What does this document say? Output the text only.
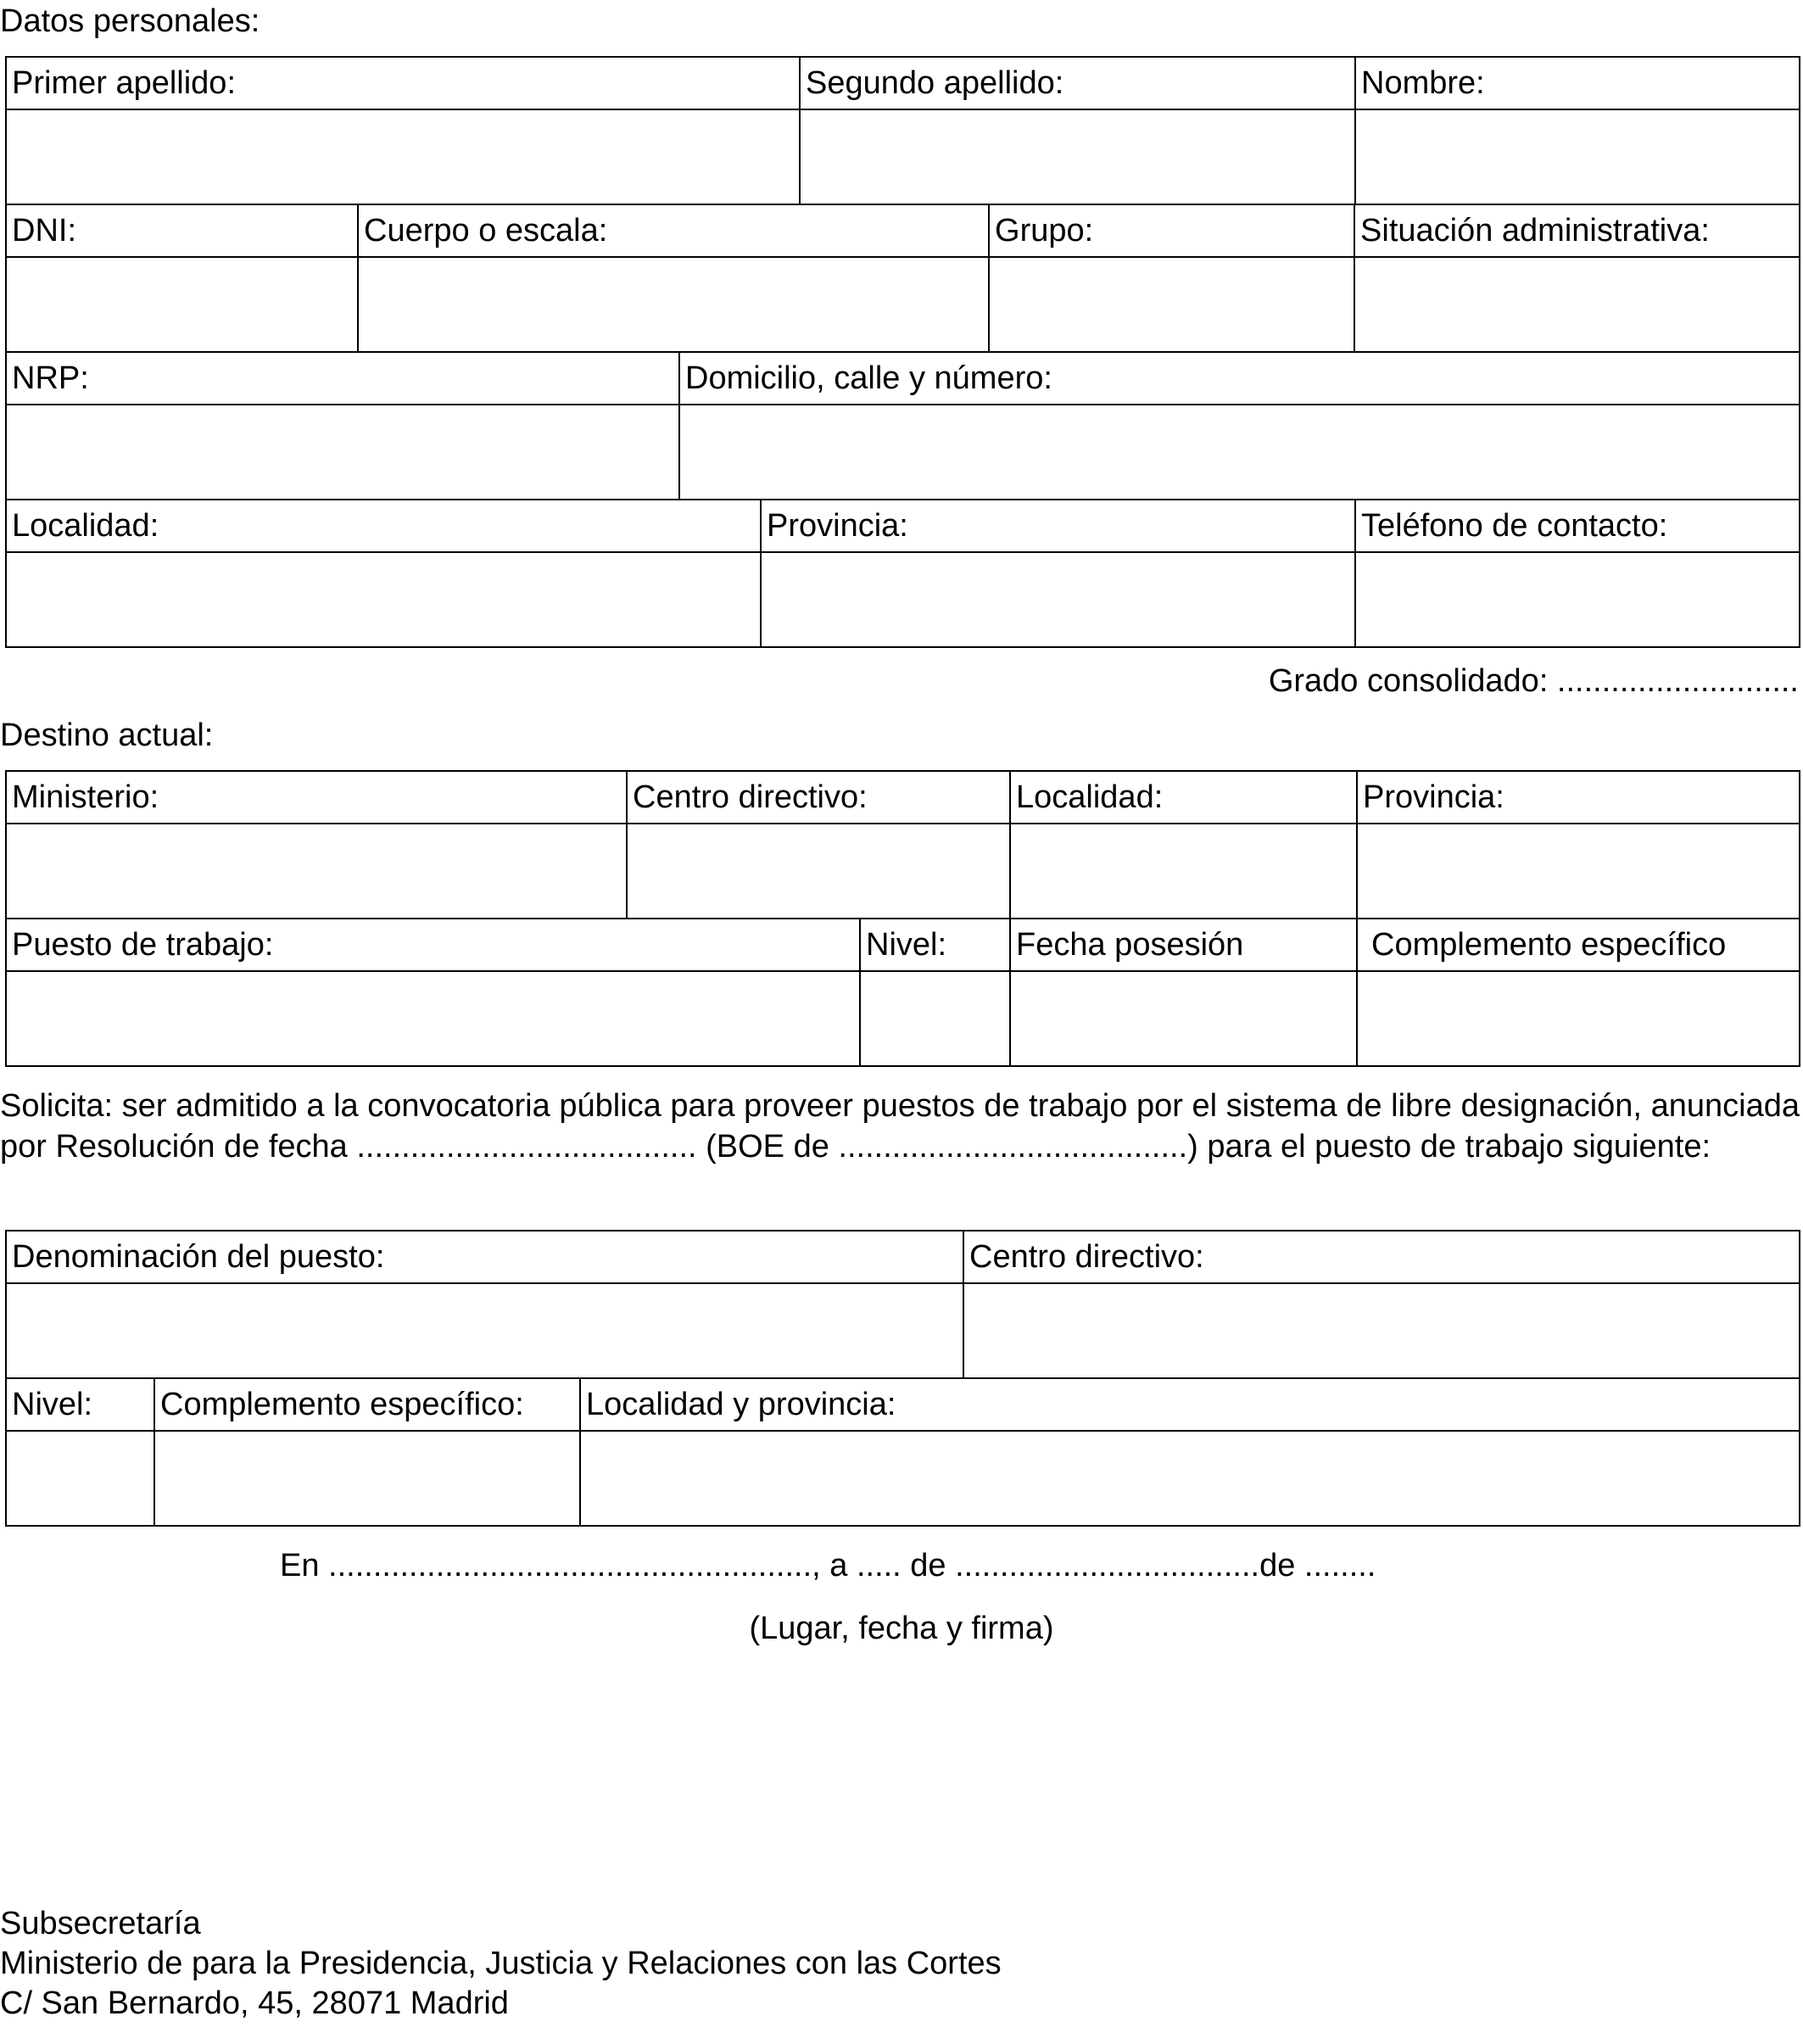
Datos personales:
Primer apellido:				Segundo apellido:		Nombre:

DNI:	Cuerpo o escala:				Grupo:	Situación administrativa:

NRP:		Domicilio, calle y número:				

Localidad:			Provincia:			Teléfono de contacto:

Grado consolidado: ...........................
Destino actual:
Ministerio:	Centro directivo:		Localidad:	Provincia:

Puesto de trabajo:		Nivel:	Fecha posesión	Complemento específico

Solicita: ser admitido a la convocatoria pública para proveer puestos de trabajo por el sistema de libre designación, anunciada por Resolución de fecha ...................................... (BOE de .......................................) para el puesto de trabajo siguiente:
Denominación del puesto:			Centro directivo:

Nivel:	Complemento específico:	Localidad y provincia:	

En ......................................................, a ..... de ..................................de ........
(Lugar, fecha y firma)
Subsecretaría
Ministerio de para la Presidencia, Justicia y Relaciones con las Cortes
C/ San Bernardo, 45, 28071 Madrid
